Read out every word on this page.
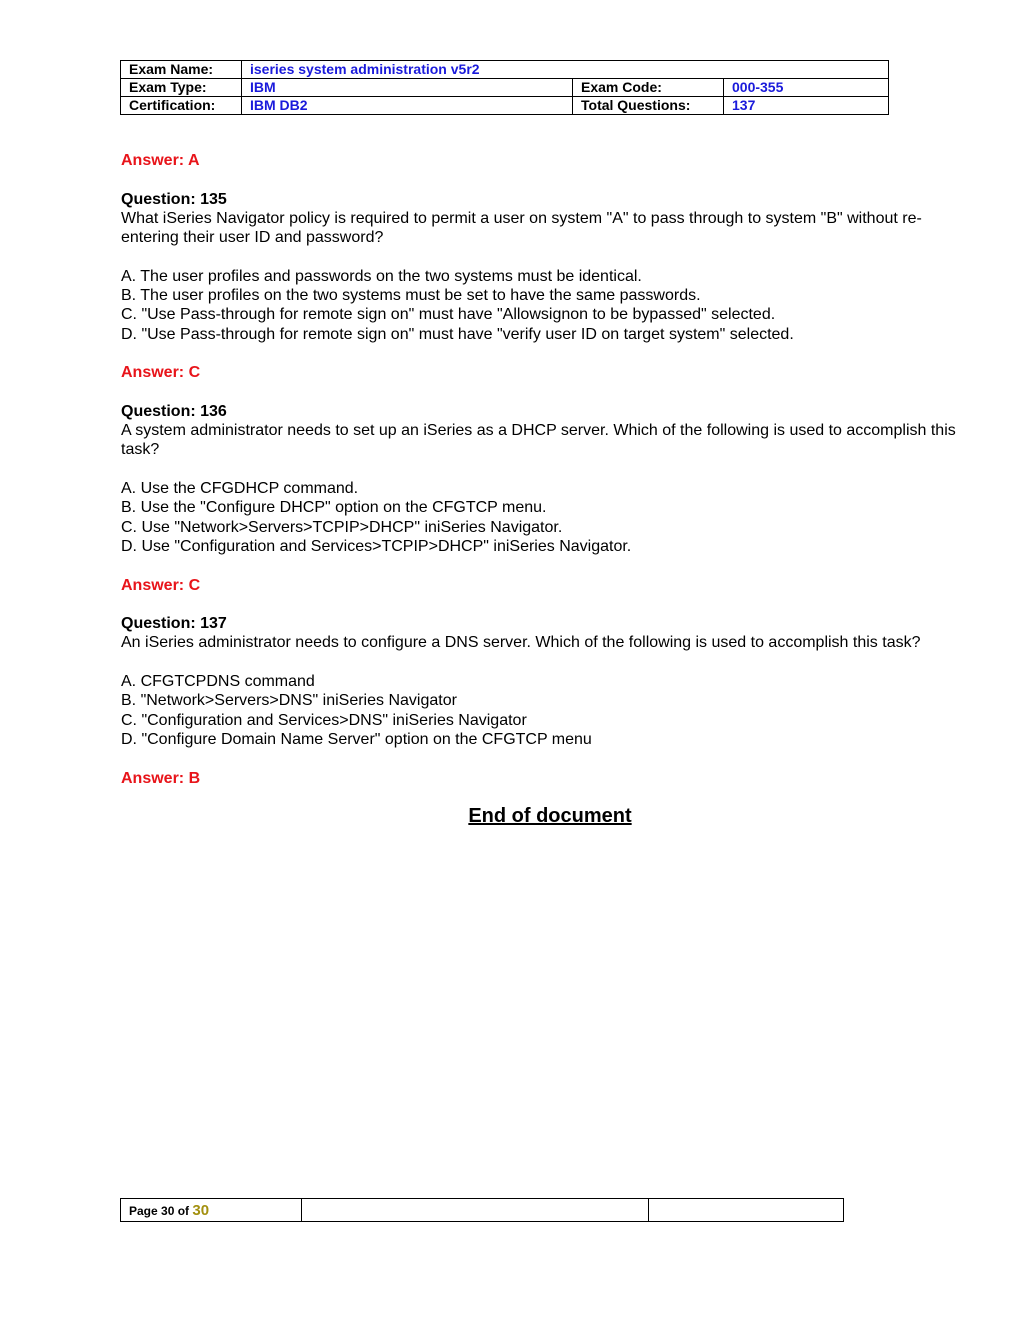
Exam Name:	iseries system administration v5r2		
Exam Type:	IBM	Exam Code:	000-355
Certification:	IBM DB2	Total Questions:	137

Answer: A

Question: 135

What iSeries Navigator policy is required to permit a user on system "A" to pass through to system "B" without re-entering their user ID and password?

A. The user profiles and passwords on the two systems must be identical.

B. The user profiles on the two systems must be set to have the same passwords.

C. "Use Pass-through for remote sign on" must have "Allowsignon to be bypassed" selected.

D. "Use Pass-through for remote sign on" must have "verify user ID on target system" selected.

Answer: C

Question: 136

A system administrator needs to set up an iSeries as a DHCP server. Which of the following is used to accomplish this task?

A. Use the CFGDHCP command.

B. Use the "Configure DHCP" option on the CFGTCP menu.

C. Use "Network>Servers>TCPIP>DHCP" iniSeries Navigator.

D. Use "Configuration and Services>TCPIP>DHCP" iniSeries Navigator.

Answer: C

Question: 137

An iSeries administrator needs to configure a DNS server. Which of the following is used to accomplish this task?

A. CFGTCPDNS command

B. "Network>Servers>DNS" iniSeries Navigator

C. "Configuration and Services>DNS" iniSeries Navigator

D. "Configure Domain Name Server" option on the CFGTCP menu

Answer: B

End of document
Page 30 of 30		
